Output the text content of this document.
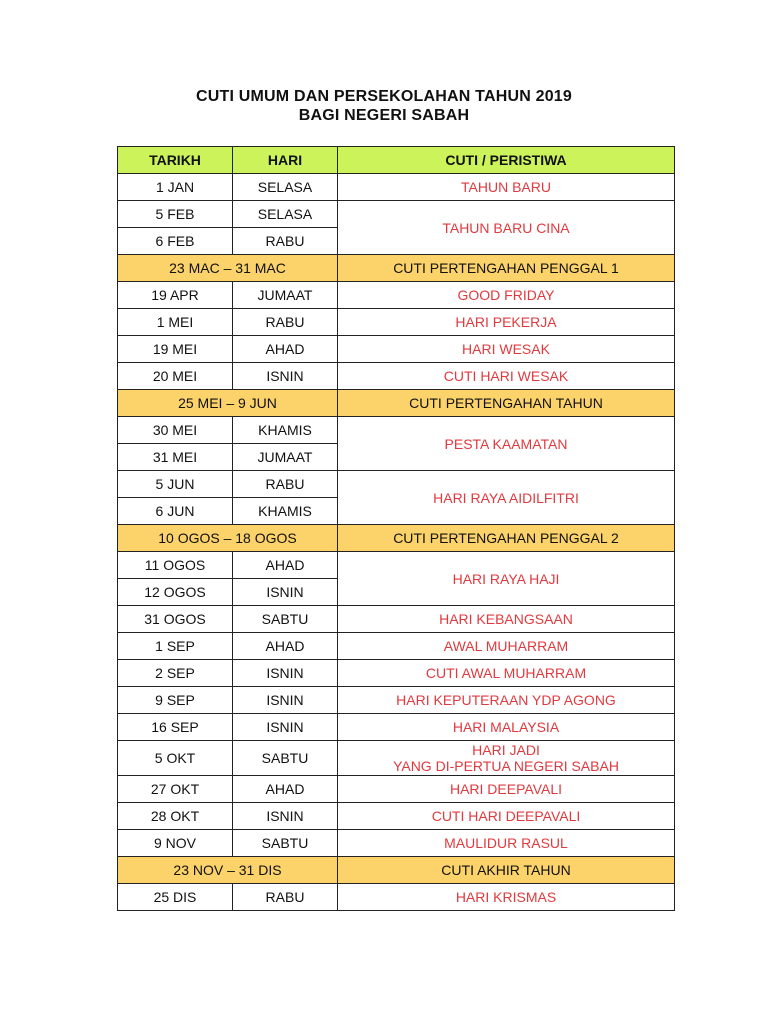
CUTI UMUM DAN PERSEKOLAHAN TAHUN 2019
BAGI NEGERI SABAH
TARIKH	HARI	CUTI / PERISTIWA
1 JAN	SELASA	TAHUN BARU
5 FEB	SELASA	TAHUN BARU CINA
6 FEB	RABU	
23 MAC – 31 MAC		CUTI PERTENGAHAN PENGGAL 1
19 APR	JUMAAT	GOOD FRIDAY
1 MEI	RABU	HARI PEKERJA
19 MEI	AHAD	HARI WESAK
20 MEI	ISNIN	CUTI HARI WESAK
25 MEI – 9 JUN		CUTI PERTENGAHAN TAHUN
30 MEI	KHAMIS	PESTA KAAMATAN
31 MEI	JUMAAT	
5 JUN	RABU	HARI RAYA AIDILFITRI
6 JUN	KHAMIS	
10 OGOS – 18 OGOS		CUTI PERTENGAHAN PENGGAL 2
11 OGOS	AHAD	HARI RAYA HAJI
12 OGOS	ISNIN	
31 OGOS	SABTU	HARI KEBANGSAAN
1 SEP	AHAD	AWAL MUHARRAM
2 SEP	ISNIN	CUTI AWAL MUHARRAM
9 SEP	ISNIN	HARI KEPUTERAAN YDP AGONG
16 SEP	ISNIN	HARI MALAYSIA
5 OKT	SABTU	HARI JADI
YANG DI-PERTUA NEGERI SABAH

27 OKT	AHAD	HARI DEEPAVALI
28 OKT	ISNIN	CUTI HARI DEEPAVALI
9 NOV	SABTU	MAULIDUR RASUL
23 NOV – 31 DIS		CUTI AKHIR TAHUN
25 DIS	RABU	HARI KRISMAS
